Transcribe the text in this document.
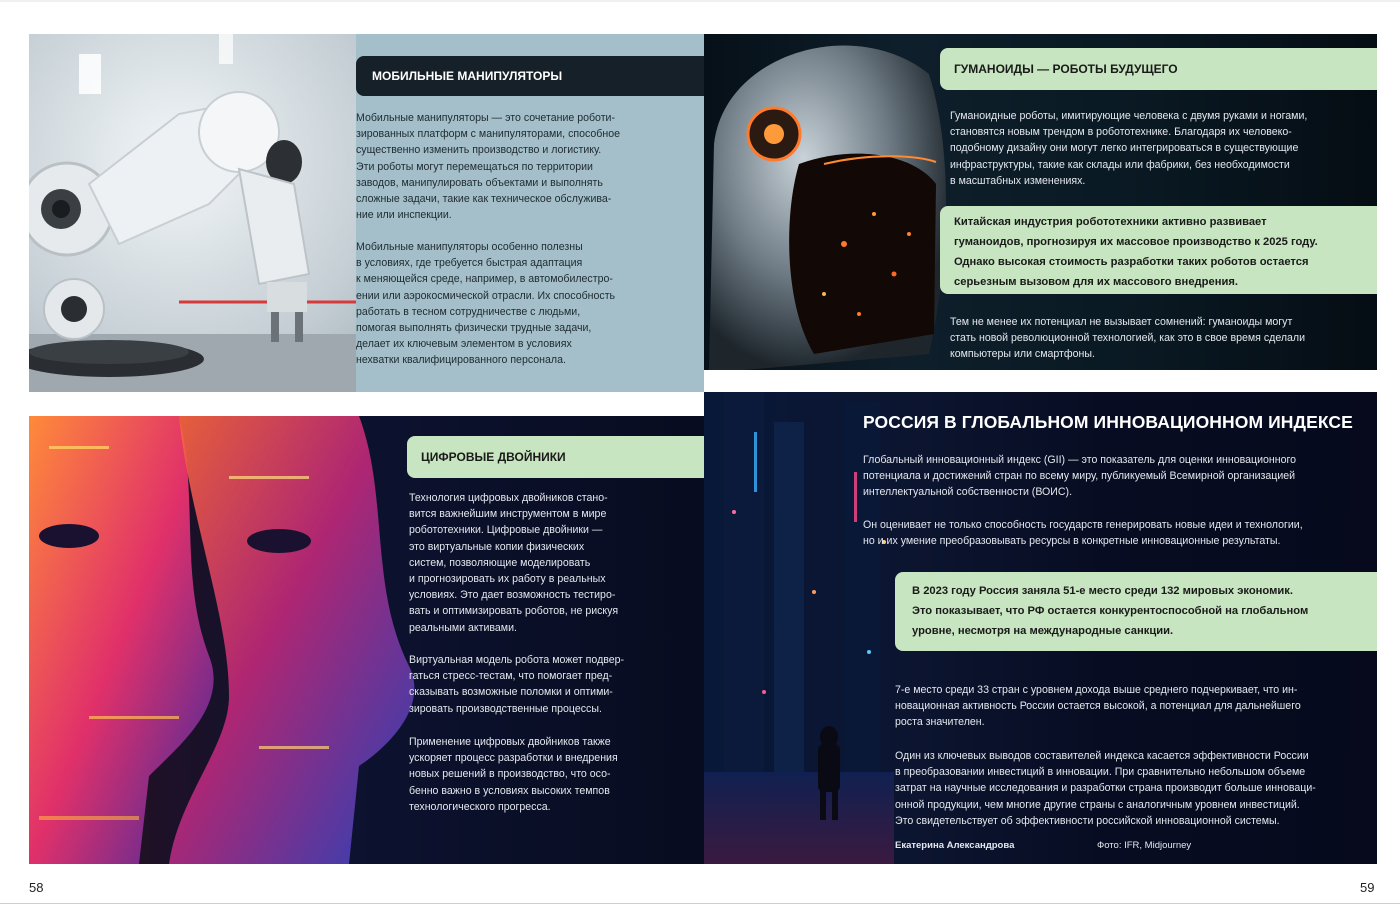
МОБИЛЬНЫЕ МАНИПУЛЯТОРЫ

Мобильные манипуляторы — это сочетание роботи-
зированных платформ с манипуляторами, способное
существенно изменить производство и логистику.
Эти роботы могут перемещаться по территории
заводов, манипулировать объектами и выполнять
сложные задачи, такие как техническое обслужива-
ние или инспекции.

Мобильные манипуляторы особенно полезны
в условиях, где требуется быстрая адаптация
к меняющейся среде, например, в автомобилестро-
ении или аэрокосмической отрасли. Их способность
работать в тесном сотрудничестве с людьми,
помогая выполнять физически трудные задачи,
делает их ключевым элементом в условиях
нехватки квалифицированного персонала.

ГУМАНОИДЫ — РОБОТЫ БУДУЩЕГО

Гуманоидные роботы, имитирующие человека с двумя руками и ногами,
становятся новым трендом в робототехнике. Благодаря их человеко-
подобному дизайну они могут легко интегрироваться в существующие
инфраструктуры, такие как склады или фабрики, без необходимости
в масштабных изменениях.

Китайская индустрия робототехники активно развивает
гуманоидов, прогнозируя их массовое производство к 2025 году.
Однако высокая стоимость разработки таких роботов остается
серьезным вызовом для их массового внедрения.

Тем не менее их потенциал не вызывает сомнений: гуманоиды могут
стать новой революционной технологией, как это в свое время сделали
компьютеры или смартфоны.

ЦИФРОВЫЕ ДВОЙНИКИ

Технология цифровых двойников стано-
вится важнейшим инструментом в мире
робототехники. Цифровые двойники —
это виртуальные копии физических
систем, позволяющие моделировать
и прогнозировать их работу в реальных
условиях. Это дает возможность тестиро-
вать и оптимизировать роботов, не рискуя
реальными активами.

Виртуальная модель робота может подвер-
гаться стресс-тестам, что помогает пред-
сказывать возможные поломки и оптими-
зировать производственные процессы.

Применение цифровых двойников также
ускоряет процесс разработки и внедрения
новых решений в производство, что осо-
бенно важно в условиях высоких темпов
технологического прогресса.

РОССИЯ В ГЛОБАЛЬНОМ ИННОВАЦИОННОМ ИНДЕКСЕ

Глобальный инновационный индекс (GII) — это показатель для оценки инновационного
потенциала и достижений стран по всему миру, публикуемый Всемирной организацией
интеллектуальной собственности (ВОИС).

Он оценивает не только способность государств генерировать новые идеи и технологии,
но и их умение преобразовывать ресурсы в конкретные инновационные результаты.

В 2023 году Россия заняла 51-е место среди 132 мировых экономик.
Это показывает, что РФ остается конкурентоспособной на глобальном
уровне, несмотря на международные санкции.

7-е место среди 33 стран с уровнем дохода выше среднего подчеркивает, что ин-
новационная активность России остается высокой, а потенциал для дальнейшего
роста значителен.

Один из ключевых выводов составителей индекса касается эффективности России
в преобразовании инвестиций в инновации. При сравнительно небольшом объеме
затрат на научные исследования и разработки страна производит больше инноваци-
онной продукции, чем многие другие страны с аналогичным уровнем инвестиций.
Это свидетельствует об эффективности российской инновационной системы.

Екатерина Александрова	Фото: IFR, Midjourney
58	59
